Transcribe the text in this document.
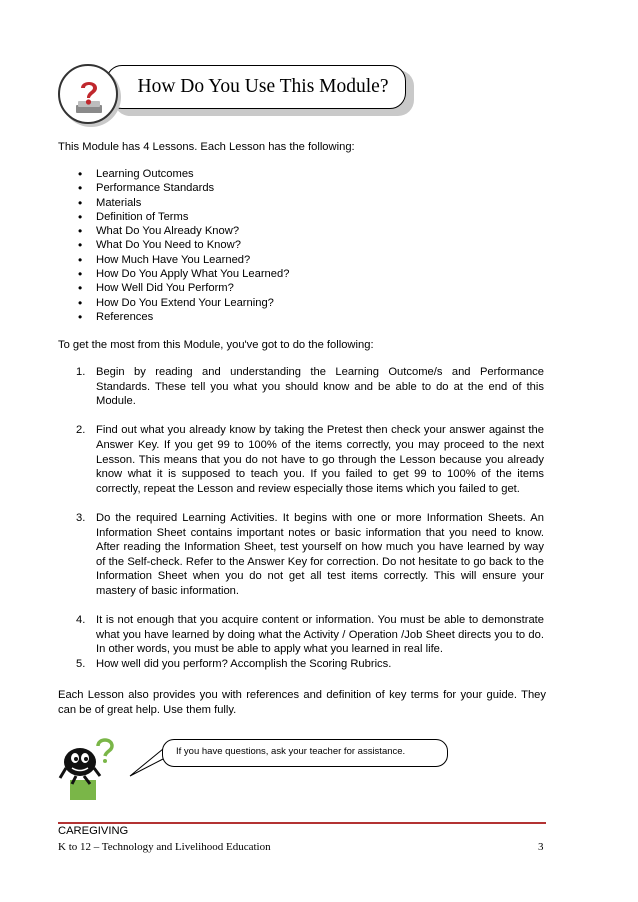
How Do You Use This Module?
This Module has 4 Lessons. Each Lesson has the following:
• Learning Outcomes
• Performance Standards
• Materials
• Definition of Terms
• What Do You Already Know?
• What Do You Need to Know?
• How Much Have You Learned?
• How Do You Apply What You Learned?
• How Well Did You Perform?
• How Do You Extend Your Learning?
• References
To get the most from this Module, you've got to do the following:
1. Begin by reading and understanding the Learning Outcome/s and Performance Standards. These tell you what you should know and be able to do at the end of this Module.
2. Find out what you already know by taking the Pretest then check your answer against the Answer Key. If you get 99 to 100% of the items correctly, you may proceed to the next Lesson. This means that you do not have to go through the Lesson because you already know what it is supposed to teach you. If you failed to get 99 to 100% of the items correctly, repeat the Lesson and review especially those items which you failed to get.
3. Do the required Learning Activities. It begins with one or more Information Sheets. An Information Sheet contains important notes or basic information that you need to know. After reading the Information Sheet, test yourself on how much you have learned by way of the Self-check. Refer to the Answer Key for correction. Do not hesitate to go back to the Information Sheet when you do not get all test items correctly. This will ensure your mastery of basic information.
4. It is not enough that you acquire content or information. You must be able to demonstrate what you have learned by doing what the Activity / Operation /Job Sheet directs you to do. In other words, you must be able to apply what you learned in real life.
5. How well did you perform? Accomplish the Scoring Rubrics.
Each Lesson also provides you with references and definition of key terms for your guide. They can be of great help. Use them fully.
If you have questions, ask your teacher for assistance.
CAREGIVING
K to 12 – Technology and Livelihood Education	3
